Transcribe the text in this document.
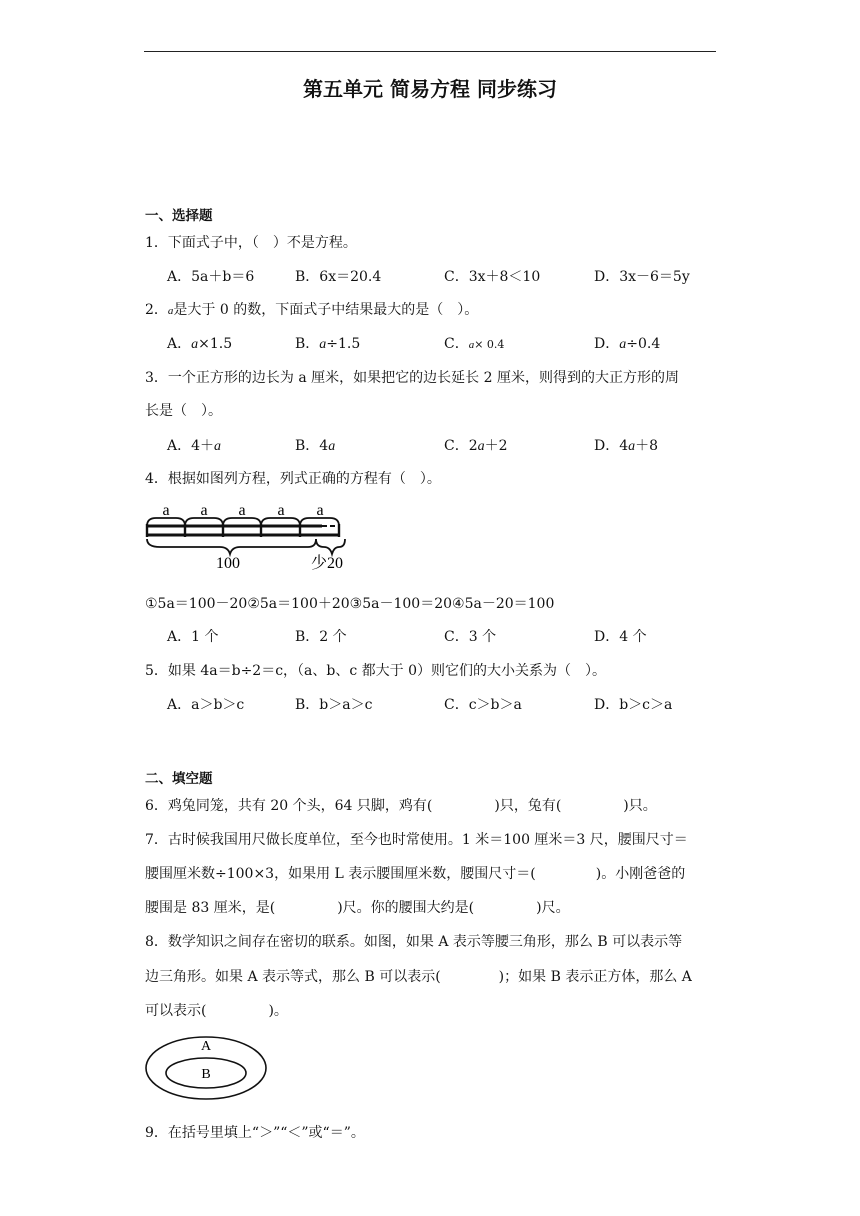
第五单元 简易方程 同步练习
一、选择题
1．下面式子中，（　）不是方程。
A．5a＋b＝6	B．6x＝20.4	C．3x＋8＜10	D．3x－6＝5y
2．a是大于 0 的数，下面式子中结果最大的是（　）。
A．a×1.5	B．a÷1.5	C．a× 0.4	D．a÷0.4
3．一个正方形的边长为 a 厘米，如果把它的边长延长 2 厘米，则得到的大正方形的周
长是（　）。
A．4＋a	B．4a	C．2a＋2	D．4a＋8
4．根据如图列方程，列式正确的方程有（　）。
a a a a a
100	少20
①5a＝100－20②5a＝100＋20③5a－100＝20④5a－20＝100
A．1 个	B．2 个	C．3 个	D．4 个
5．如果 4a＝b÷2＝c，（a、b、c 都大于 0）则它们的大小关系为（　）。
A．a＞b＞c	B．b＞a＞c	C．c＞b＞a	D．b＞c＞a
二、填空题
6．鸡兔同笼，共有 20 个头，64 只脚，鸡有(	)只，兔有(	)只。
7．古时候我国用尺做长度单位，至今也时常使用。1 米＝100 厘米＝3 尺，腰围尺寸＝
腰围厘米数÷100×3，如果用 L 表示腰围厘米数，腰围尺寸＝(	)。小刚爸爸的
腰围是 83 厘米，是(	)尺。你的腰围大约是(	)尺。
8．数学知识之间存在密切的联系。如图，如果 A 表示等腰三角形，那么 B 可以表示等
边三角形。如果 A 表示等式，那么 B 可以表示(	)；如果 B 表示正方体，那么 A
可以表示(	)。
A
B
9．在括号里填上“＞”“＜”或“＝”。
